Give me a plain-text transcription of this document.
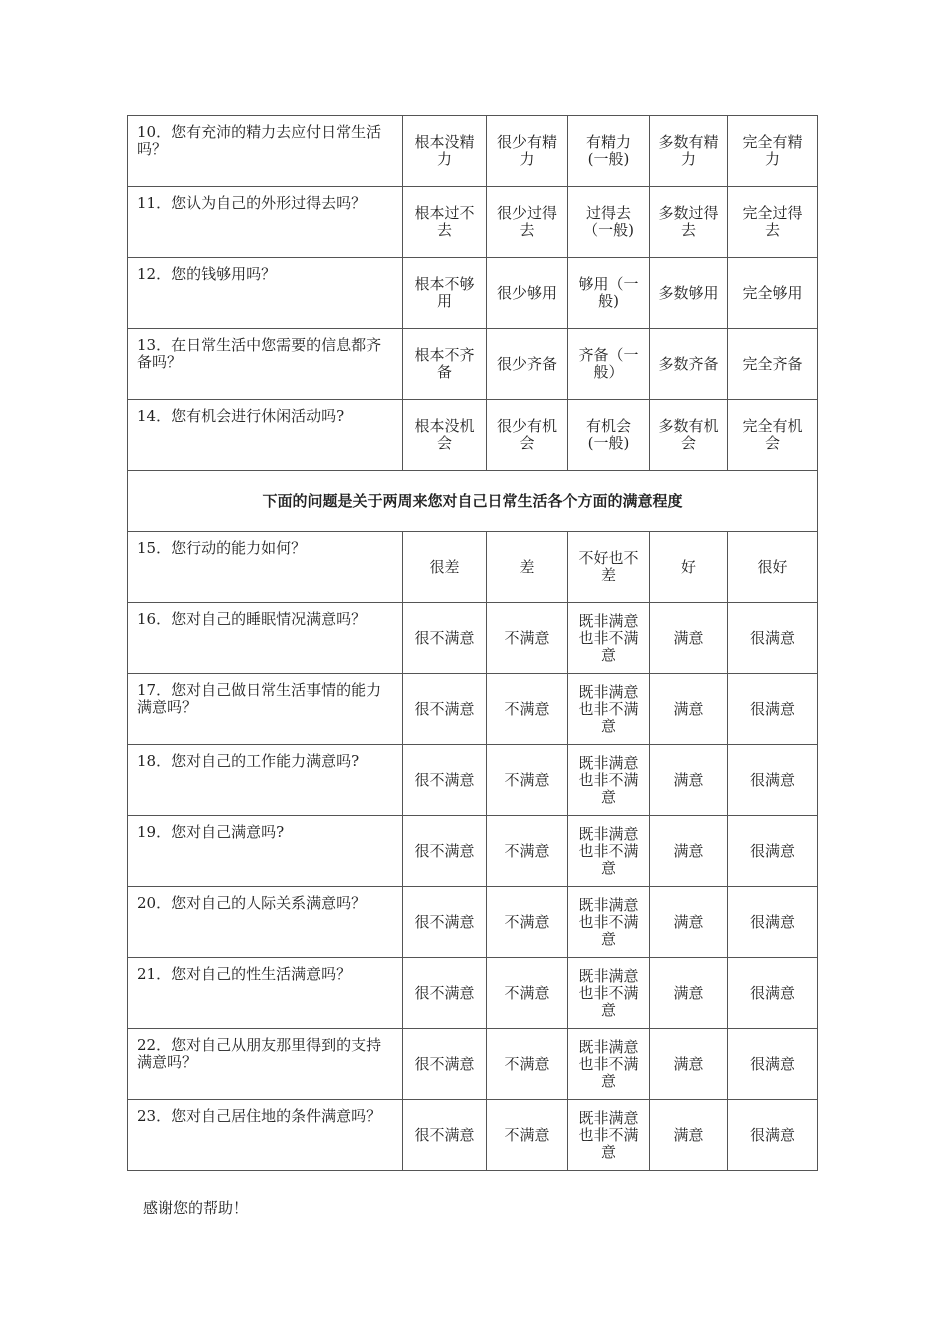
10．您有充沛的精力去应付日常生活吗？	根本没精力	很少有精力	有精力(一般)	多数有精力	完全有精力
11．您认为自己的外形过得去吗？	根本过不去	很少过得去	过得去（一般)	多数过得去	完全过得去
12．您的钱够用吗？	根本不够用	很少够用	够用（一般)	多数够用	完全够用
13．在日常生活中您需要的信息都齐备吗？	根本不齐备	很少齐备	齐备（一般）	多数齐备	完全齐备
14．您有机会进行休闲活动吗?	根本没机会	很少有机会	有机会(一般)	多数有机会	完全有机会
下面的问题是关于两周来您对自己日常生活各个方面的满意程度					
15．您行动的能力如何？	很差	差	不好也不差	好	很好
16．您对自己的睡眠情况满意吗？	很不满意	不满意	既非满意也非不满意	满意	很满意
17．您对自己做日常生活事情的能力满意吗？	很不满意	不满意	既非满意也非不满意	满意	很满意
18．您对自己的工作能力满意吗?	很不满意	不满意	既非满意也非不满意	满意	很满意
19．您对自己满意吗?	很不满意	不满意	既非满意也非不满意	满意	很满意
20．您对自己的人际关系满意吗？	很不满意	不满意	既非满意也非不满意	满意	很满意
21．您对自己的性生活满意吗？	很不满意	不满意	既非满意也非不满意	满意	很满意
22．您对自己从朋友那里得到的支持满意吗？	很不满意	不满意	既非满意也非不满意	满意	很满意
23．您对自己居住地的条件满意吗？	很不满意	不满意	既非满意也非不满意	满意	很满意
感谢您的帮助！
